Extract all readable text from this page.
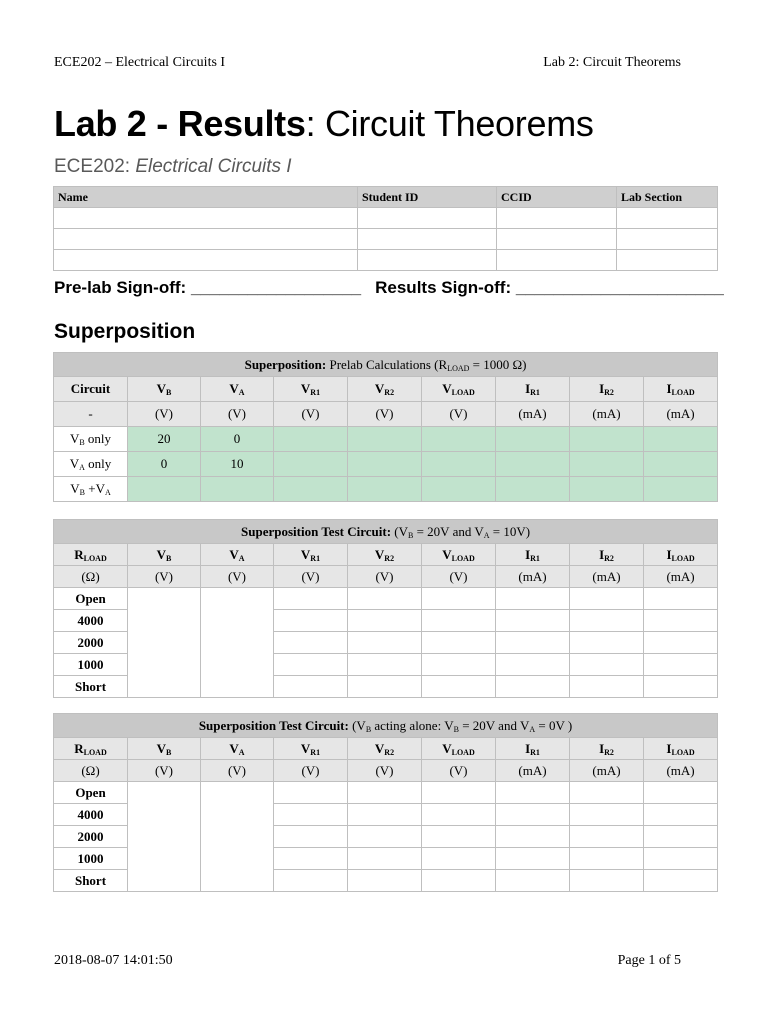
ECE202 – Electrical Circuits I	Lab 2: Circuit Theorems
Lab 2 - Results: Circuit Theorems
ECE202: Electrical Circuits I
Name	Student ID	CCID	Lab Section

Pre-lab Sign-off: __________________ Results Sign-off: ______________________
Superposition
Superposition: Prelab Calculations ($R_{LOAD} = 1000$ Ω)								
Circuit	$V_B$	$V_A$	$V_{R1}$	$V_{R2}$	$V_{LOAD}$	$I_{R1}$	$I_{R2}$	$I_{LOAD}$
-	(V)	(V)	(V)	(V)	(V)	(mA)	(mA)	(mA)
$V_B$ only	20	0						
$V_A$ only	0	10						
$V_B +V_A$								
Superposition Test Circuit: ($V_B = 20V$ and $V_A = 10V$)								
$R_{LOAD}$	$V_B$	$V_A$	$V_{R1}$	$V_{R2}$	$V_{LOAD}$	$I_{R1}$	$I_{R2}$	$I_{LOAD}$
(Ω)	(V)	(V)	(V)	(V)	(V)	(mA)	(mA)	(mA)
Open								
4000								
2000								
1000								
Short								
Superposition Test Circuit: ($V_B$ acting alone: $V_B = 20V$ and $V_A = 0V$ )								
$R_{LOAD}$	$V_B$	$V_A$	$V_{R1}$	$V_{R2}$	$V_{LOAD}$	$I_{R1}$	$I_{R2}$	$I_{LOAD}$
(Ω)	(V)	(V)	(V)	(V)	(V)	(mA)	(mA)	(mA)
Open								
4000								
2000								
1000								
Short								
2018-08-07 14:01:50	Page 1 of 5
